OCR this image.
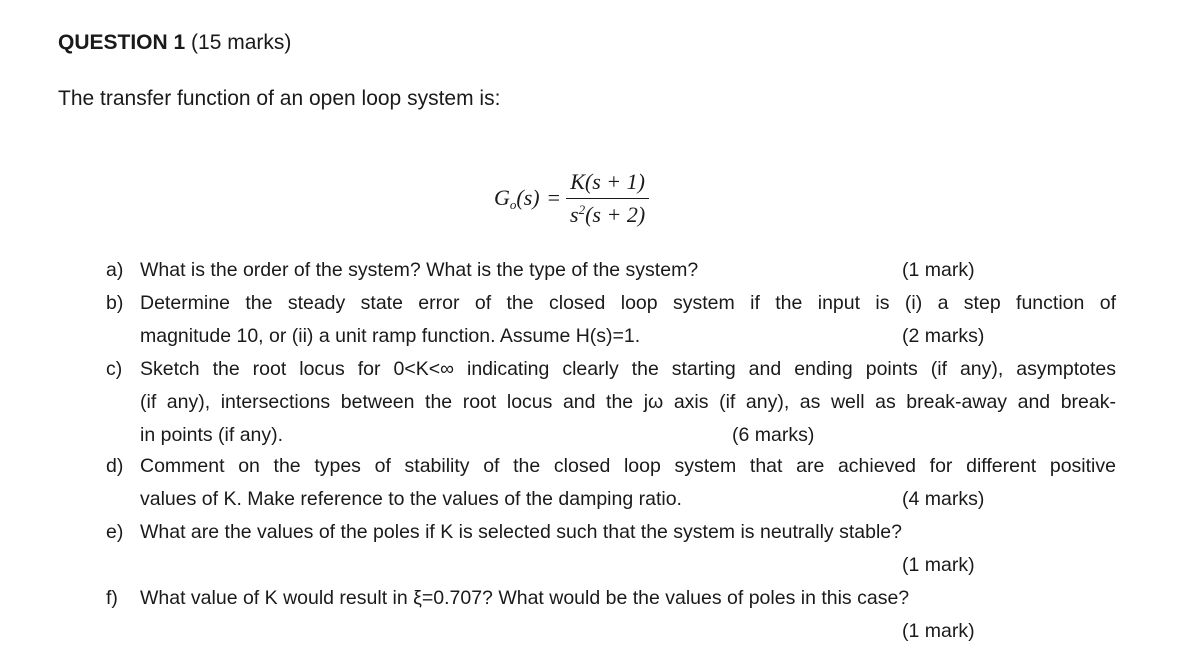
QUESTION 1 (15 marks)
The transfer function of an open loop system is:
$G_o(s) = \frac{K(s + 1)}{s^2(s + 2)}$
a) What is the order of the system? What is the type of the system?	(1 mark)
b) Determine the steady state error of the closed loop system if the input is (i) a step function of
magnitude 10, or (ii) a unit ramp function. Assume H(s)=1.	(2 marks)
c) Sketch the root locus for 0<K<∞ indicating clearly the starting and ending points (if any), asymptotes
(if any), intersections between the root locus and the jω axis (if any), as well as break-away and break-
in points (if any).	(6 marks)
d) Comment on the types of stability of the closed loop system that are achieved for different positive
values of K. Make reference to the values of the damping ratio.	(4 marks)
e) What are the values of the poles if K is selected such that the system is neutrally stable?
(1 mark)
f) What value of K would result in ξ=0.707? What would be the values of poles in this case?
(1 mark)
